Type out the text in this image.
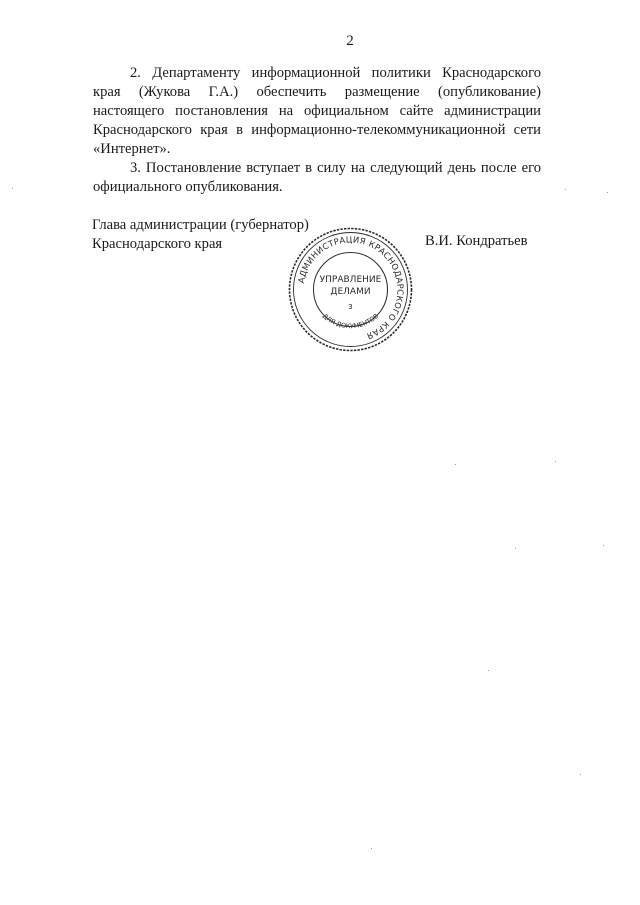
2

2. Департаменту информационной политики Краснодарского края (Жукова Г.А.) обеспечить размещение (опубликование) настоящего постановления на официальном сайте администрации Краснодарского края в информационно-телекоммуникационной сети «Интернет».

3. Постановление вступает в силу на следующий день после его официального опубликования.

Глава администрации (губернатор)
Краснодарского края	В.И. Кондратьев
АДМИНИСТРАЦИЯ КРАСНОДАРСКОГО КРАЯ
УПРАВЛЕНИЕ
ДЕЛАМИ
3
ДЛЯ ДОКУМЕНТОВ
